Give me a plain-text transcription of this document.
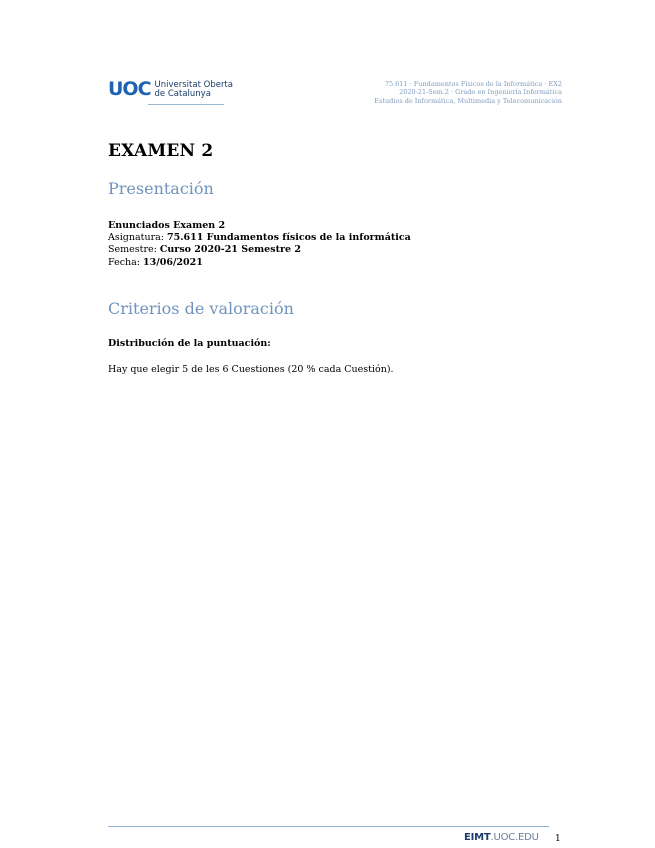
UOC Universitat Oberta
de Catalunya
75.611 · Fundamentos Físicos de la Informática · EX2
2020-21-Sem.2 · Grado en Ingeniería Informática
Estudios de Informática, Multimedia y Telecomunicación
EXAMEN 2
Presentación
Enunciados Examen 2
Asignatura: 75.611 Fundamentos físicos de la informática
Semestre: Curso 2020-21 Semestre 2
Fecha: 13/06/2021
Criterios de valoración
Distribución de la puntuación:
Hay que elegir 5 de les 6 Cuestiones (20 % cada Cuestión).
EIMT.UOC.EDU 1
